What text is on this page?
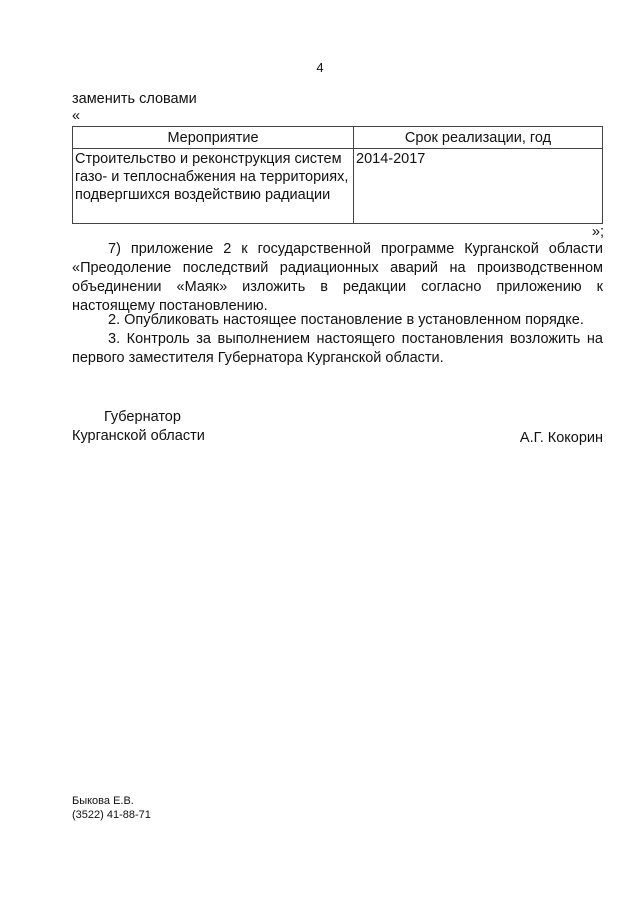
4
заменить словами
«
Мероприятие	Срок реализации, год
Строительство и реконструкция систем газо- и теплоснабжения на территориях, подвергшихся воздействию радиации	2014-2017
»;
7) приложение 2 к государственной программе Курганской области «Преодоление последствий радиационных аварий на производственном объединении «Маяк» изложить в редакции согласно приложению к настоящему постановлению.
2. Опубликовать настоящее постановление в установленном порядке.
3. Контроль за выполнением настоящего постановления возложить на первого заместителя Губернатора Курганской области.
Губернатор
Курганской области	А.Г. Кокорин
Быкова Е.В.
(3522) 41-88-71
